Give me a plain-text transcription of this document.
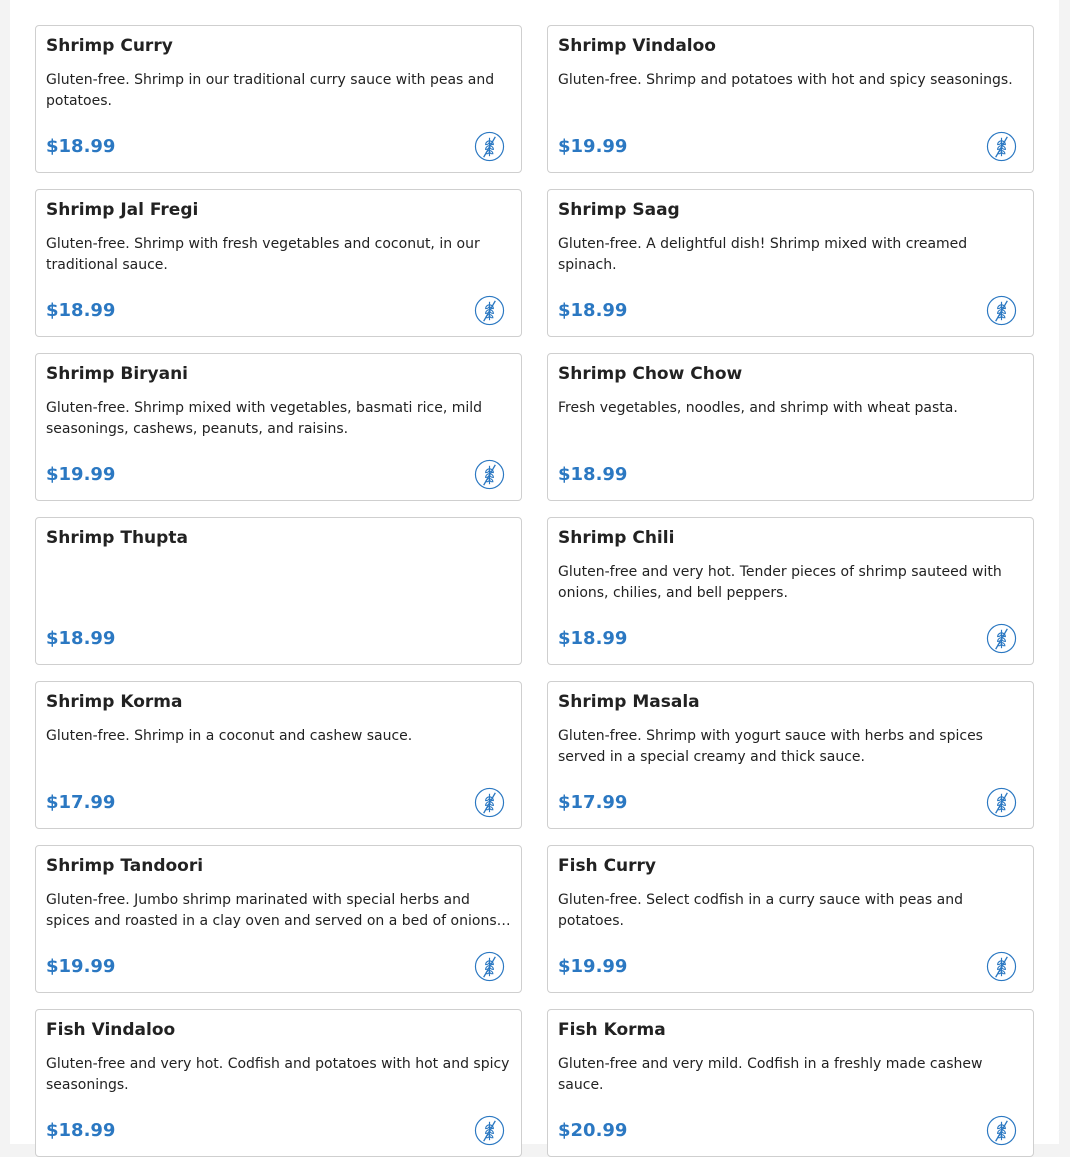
Shrimp Curry
Gluten-free. Shrimp in our traditional curry sauce with peas and potatoes.
$18.99
Shrimp Vindaloo
Gluten-free. Shrimp and potatoes with hot and spicy seasonings.
$19.99
Shrimp Jal Fregi
Gluten-free. Shrimp with fresh vegetables and coconut, in our traditional sauce.
$18.99
Shrimp Saag
Gluten-free. A delightful dish! Shrimp mixed with creamed spinach.
$18.99
Shrimp Biryani
Gluten-free. Shrimp mixed with vegetables, basmati rice, mild seasonings, cashews, peanuts, and raisins.
$19.99
Shrimp Chow Chow
Fresh vegetables, noodles, and shrimp with wheat pasta.
$18.99
Shrimp Thupta
$18.99
Shrimp Chili
Gluten-free and very hot. Tender pieces of shrimp sauteed with onions, chilies, and bell peppers.
$18.99
Shrimp Korma
Gluten-free. Shrimp in a coconut and cashew sauce.
$17.99
Shrimp Masala
Gluten-free. Shrimp with yogurt sauce with herbs and spices served in a special creamy and thick sauce.
$17.99
Shrimp Tandoori
Gluten-free. Jumbo shrimp marinated with special herbs and spices and roasted in a clay oven and served on a bed of onions…
$19.99
Fish Curry
Gluten-free. Select codfish in a curry sauce with peas and potatoes.
$19.99
Fish Vindaloo
Gluten-free and very hot. Codfish and potatoes with hot and spicy seasonings.
$18.99
Fish Korma
Gluten-free and very mild. Codfish in a freshly made cashew sauce.
$20.99
